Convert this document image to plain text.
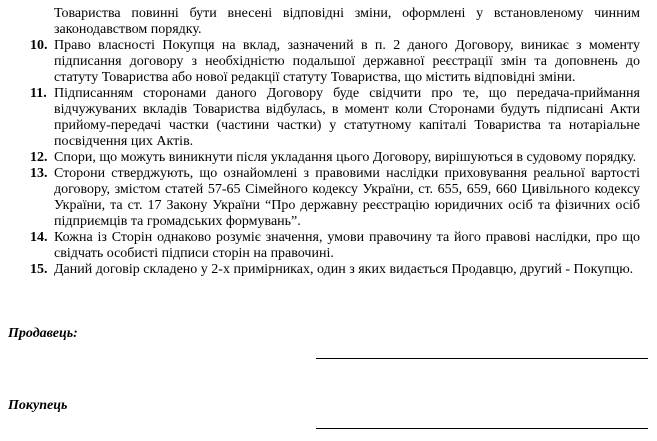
Товариства повинні бути внесені відповідні зміни, оформлені у встановленому чинним законодавством порядку.
10. Право власності Покупця на вклад, зазначений в п. 2 даного Договору, виникає з моменту підписання договору з необхідністю подальшої державної реєстрації змін та доповнень до статуту Товариства або нової редакції статуту Товариства, що містить відповідні зміни.
11. Підписанням сторонами даного Договору буде свідчити про те, що передача-приймання відчужуваних вкладів Товариства відбулась, в момент коли Сторонами будуть підписані Акти прийому-передачі частки (частини частки) у статутному капіталі Товариства та нотаріальне посвідчення цих Актів.
12. Спори, що можуть виникнути після укладання цього Договору, вирішуються в судовому порядку.
13. Сторони стверджують, що ознайомлені з правовими наслідки приховування реальної вартості договору, змістом статей 57-65 Сімейного кодексу України, ст. 655, 659, 660 Цивільного кодексу України, та ст. 17 Закону України “Про державну реєстрацію юридичних осіб та фізичних осіб підприємців та громадських формувань”.
14. Кожна із Сторін однаково розуміє значення, умови правочину та його правові наслідки, про що свідчать особисті підписи сторін на правочині.
15. Даний договір складено у 2-х примірниках, один з яких видається Продавцю, другий - Покупцю.
Продавець:
Покупець
